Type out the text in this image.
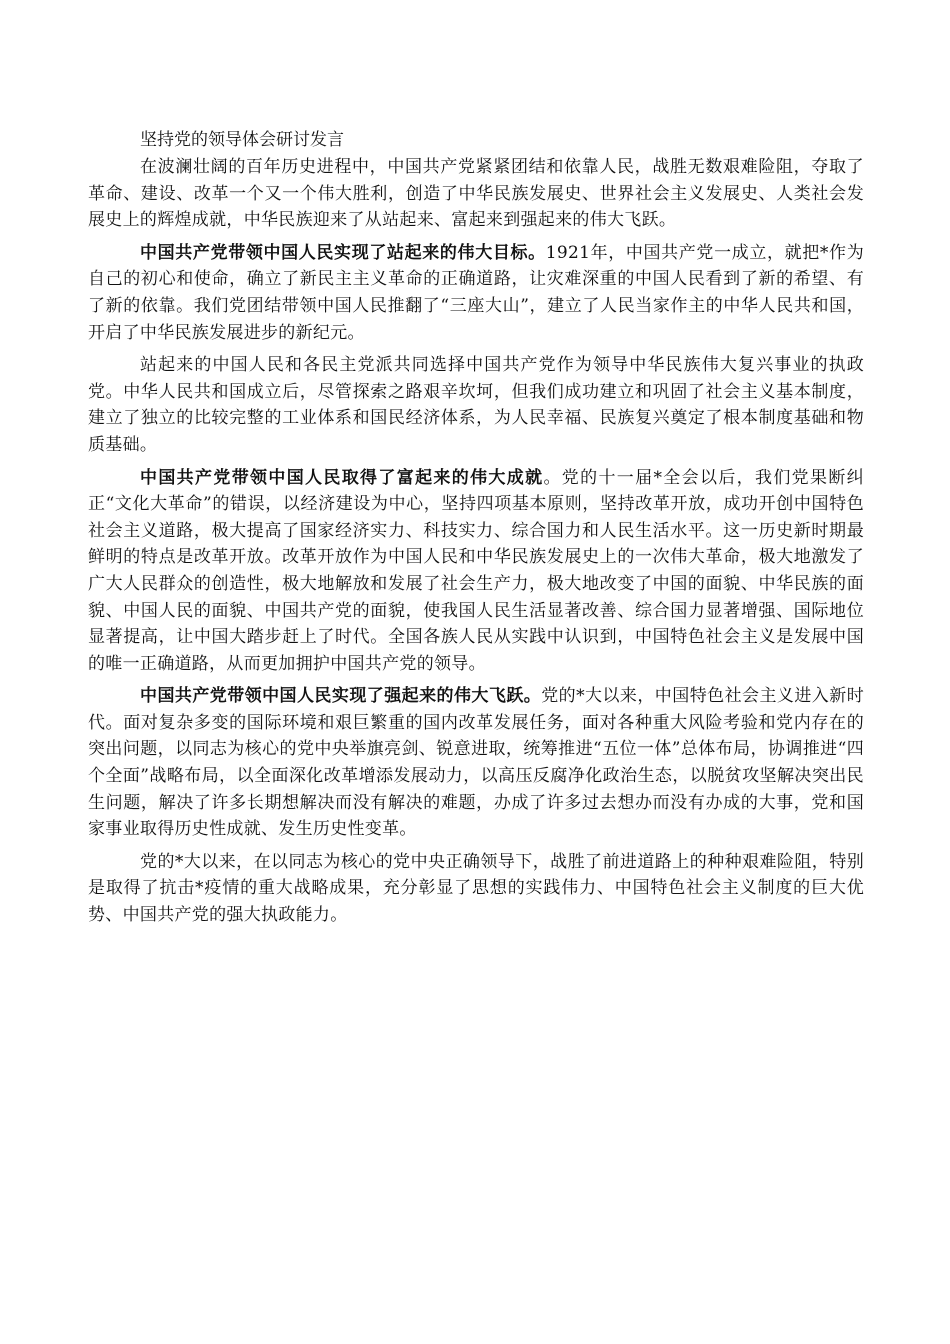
坚持党的领导体会研讨发言

在波澜壮阔的百年历史进程中，中国共产党紧紧团结和依靠人民，战胜无数艰难险阻，夺取了革命、建设、改革一个又一个伟大胜利，创造了中华民族发展史、世界社会主义发展史、人类社会发展史上的辉煌成就，中华民族迎来了从站起来、富起来到强起来的伟大飞跃。

中国共产党带领中国人民实现了站起来的伟大目标。1921年，中国共产党一成立，就把*作为自己的初心和使命，确立了新民主主义革命的正确道路，让灾难深重的中国人民看到了新的希望、有了新的依靠。我们党团结带领中国人民推翻了“三座大山”，建立了人民当家作主的中华人民共和国，开启了中华民族发展进步的新纪元。

站起来的中国人民和各民主党派共同选择中国共产党作为领导中华民族伟大复兴事业的执政党。中华人民共和国成立后，尽管探索之路艰辛坎坷，但我们成功建立和巩固了社会主义基本制度，建立了独立的比较完整的工业体系和国民经济体系，为人民幸福、民族复兴奠定了根本制度基础和物质基础。

中国共产党带领中国人民取得了富起来的伟大成就。党的十一届*全会以后，我们党果断纠正“文化大革命”的错误，以经济建设为中心，坚持四项基本原则，坚持改革开放，成功开创中国特色社会主义道路，极大提高了国家经济实力、科技实力、综合国力和人民生活水平。这一历史新时期最鲜明的特点是改革开放。改革开放作为中国人民和中华民族发展史上的一次伟大革命，极大地激发了广大人民群众的创造性，极大地解放和发展了社会生产力，极大地改变了中国的面貌、中华民族的面貌、中国人民的面貌、中国共产党的面貌，使我国人民生活显著改善、综合国力显著增强、国际地位显著提高，让中国大踏步赶上了时代。全国各族人民从实践中认识到，中国特色社会主义是发展中国的唯一正确道路，从而更加拥护中国共产党的领导。

中国共产党带领中国人民实现了强起来的伟大飞跃。党的*大以来，中国特色社会主义进入新时代。面对复杂多变的国际环境和艰巨繁重的国内改革发展任务，面对各种重大风险考验和党内存在的突出问题，以同志为核心的党中央举旗亮剑、锐意进取，统筹推进“五位一体”总体布局，协调推进“四个全面”战略布局，以全面深化改革增添发展动力，以高压反腐净化政治生态，以脱贫攻坚解决突出民生问题，解决了许多长期想解决而没有解决的难题，办成了许多过去想办而没有办成的大事，党和国家事业取得历史性成就、发生历史性变革。

党的*大以来，在以同志为核心的党中央正确领导下，战胜了前进道路上的种种艰难险阻，特别是取得了抗击*疫情的重大战略成果，充分彰显了思想的实践伟力、中国特色社会主义制度的巨大优势、中国共产党的强大执政能力。
